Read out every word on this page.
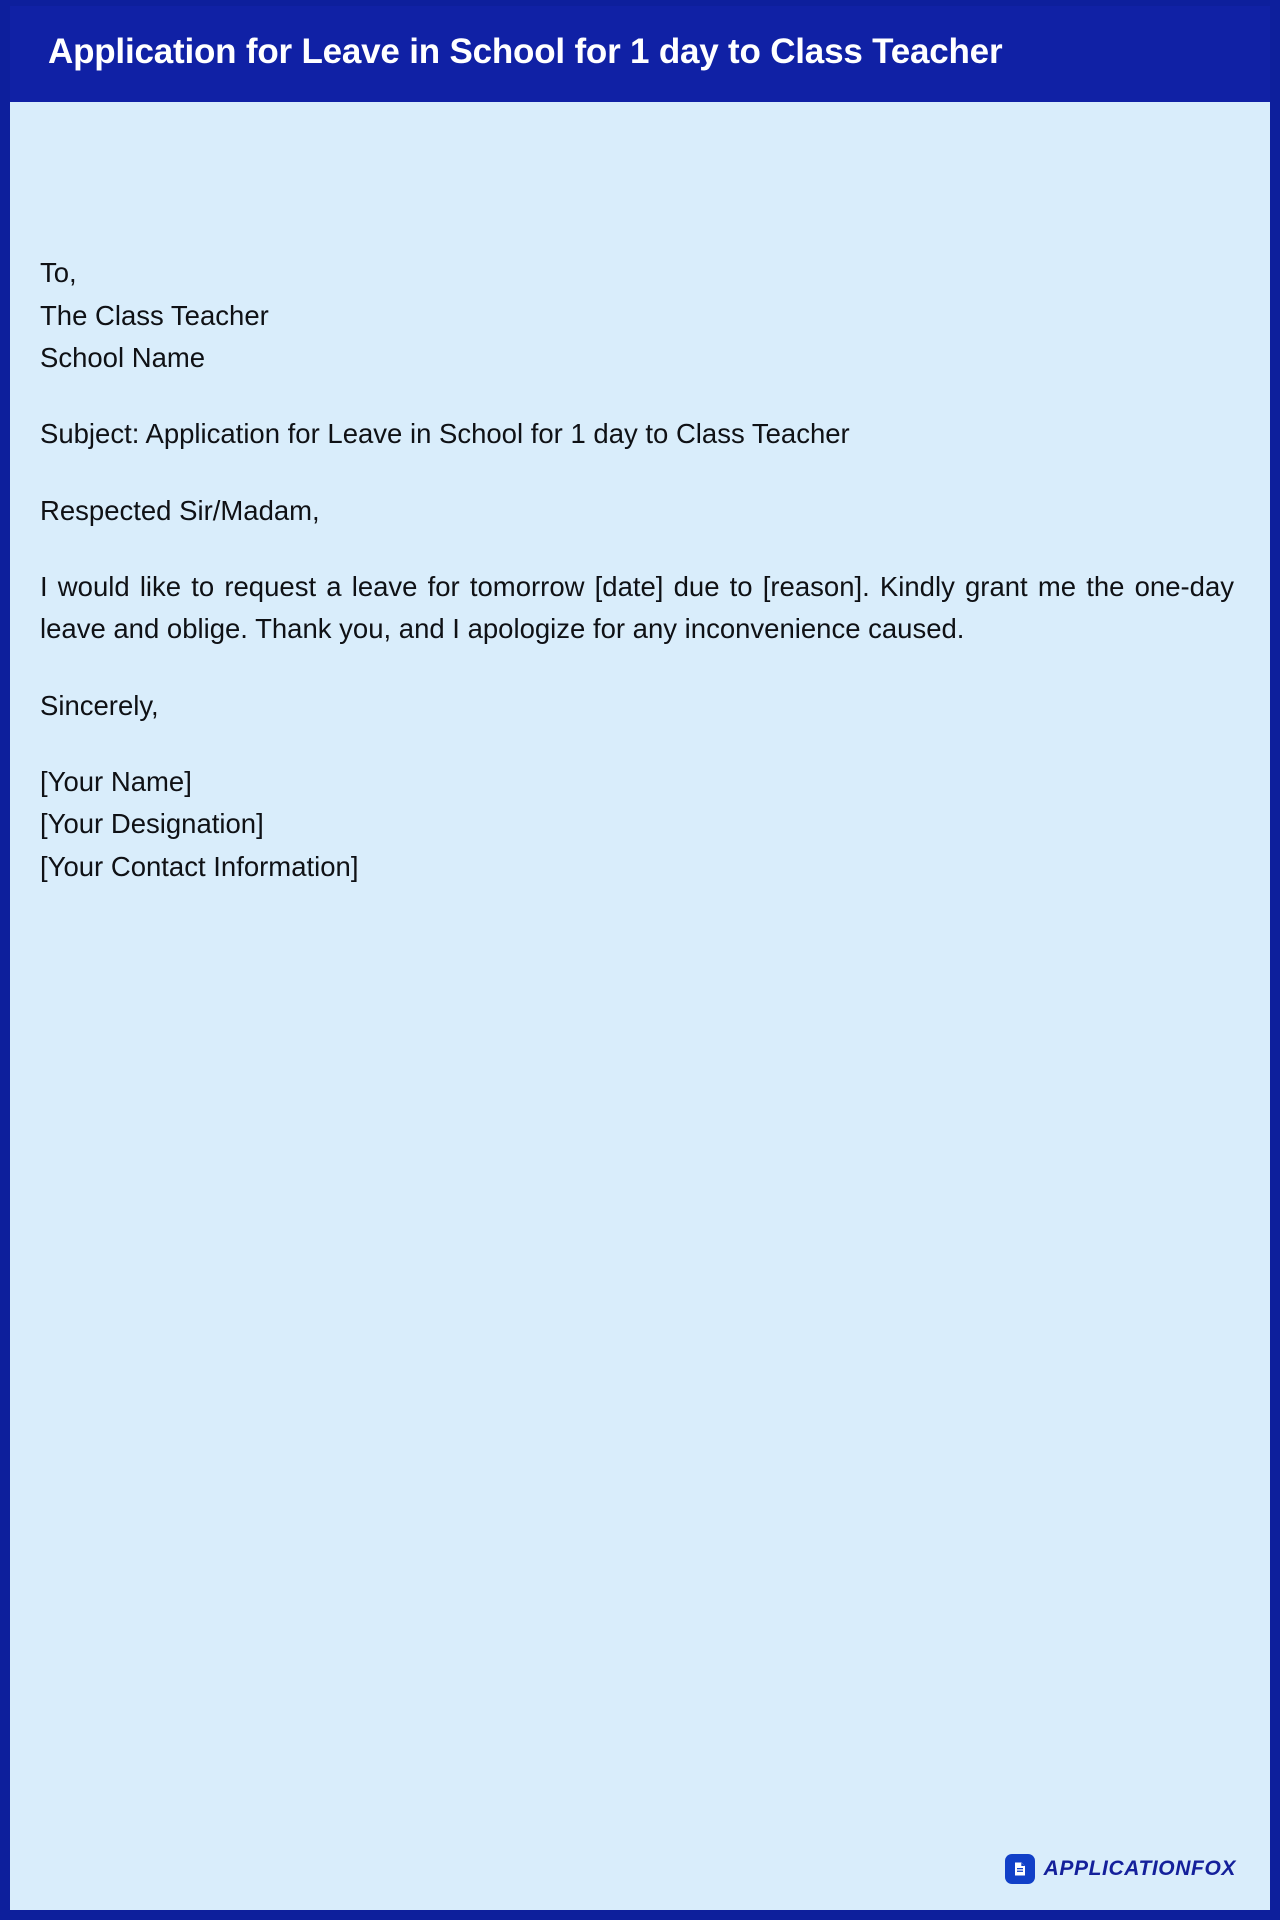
Application for Leave in School for 1 day to Class Teacher

To,

The Class Teacher

School Name

Subject: Application for Leave in School for 1 day to Class Teacher

Respected Sir/Madam,

I would like to request a leave for tomorrow [date] due to [reason]. Kindly grant me the one-day leave and oblige. Thank you, and I apologize for any inconvenience caused.

Sincerely,

[Your Name]

[Your Designation]

[Your Contact Information]

APPLICATIONFOX
